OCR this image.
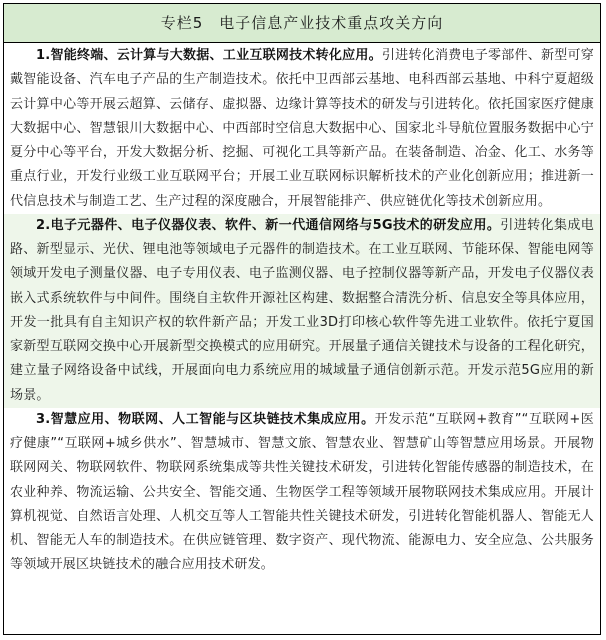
专栏5　电子信息产业技术重点攻关方向

1.智能终端、云计算与大数据、工业互联网技术转化应用。引进转化消费电子零部件、新型可穿戴智能设备、汽车电子产品的生产制造技术。依托中卫西部云基地、电科西部云基地、中科宁夏超级云计算中心等开展云超算、云储存、虚拟器、边缘计算等技术的研发与引进转化。依托国家医疗健康大数据中心、智慧银川大数据中心、中西部时空信息大数据中心、国家北斗导航位置服务数据中心宁夏分中心等平台，开发大数据分析、挖掘、可视化工具等新产品。在装备制造、冶金、化工、水务等重点行业，开发行业级工业互联网平台；开展工业互联网标识解析技术的产业化创新应用；推进新一代信息技术与制造工艺、生产过程的深度融合，开展智能排产、供应链优化等技术创新应用。

2.电子元器件、电子仪器仪表、软件、新一代通信网络与5G技术的研发应用。引进转化集成电路、新型显示、光伏、锂电池等领域电子元器件的制造技术。在工业互联网、节能环保、智能电网等领域开发电子测量仪器、电子专用仪表、电子监测仪器、电子控制仪器等新产品，开发电子仪器仪表嵌入式系统软件与中间件。围绕自主软件开源社区构建、数据整合清洗分析、信息安全等具体应用，开发一批具有自主知识产权的软件新产品；开发工业3D打印核心软件等先进工业软件。依托宁夏国家新型互联网交换中心开展新型交换模式的应用研究。开展量子通信关键技术与设备的工程化研究，建立量子网络设备中试线，开展面向电力系统应用的城域量子通信创新示范。开发示范5G应用的新场景。

3.智慧应用、物联网、人工智能与区块链技术集成应用。开发示范“互联网+教育”“互联网+医疗健康”“互联网+城乡供水”、智慧城市、智慧文旅、智慧农业、智慧矿山等智慧应用场景。开展物联网网关、物联网软件、物联网系统集成等共性关键技术研发，引进转化智能传感器的制造技术，在农业种养、物流运输、公共安全、智能交通、生物医学工程等领域开展物联网技术集成应用。开展计算机视觉、自然语言处理、人机交互等人工智能共性关键技术研发，引进转化智能机器人、智能无人机、智能无人车的制造技术。在供应链管理、数字资产、现代物流、能源电力、安全应急、公共服务等领域开展区块链技术的融合应用技术研发。
